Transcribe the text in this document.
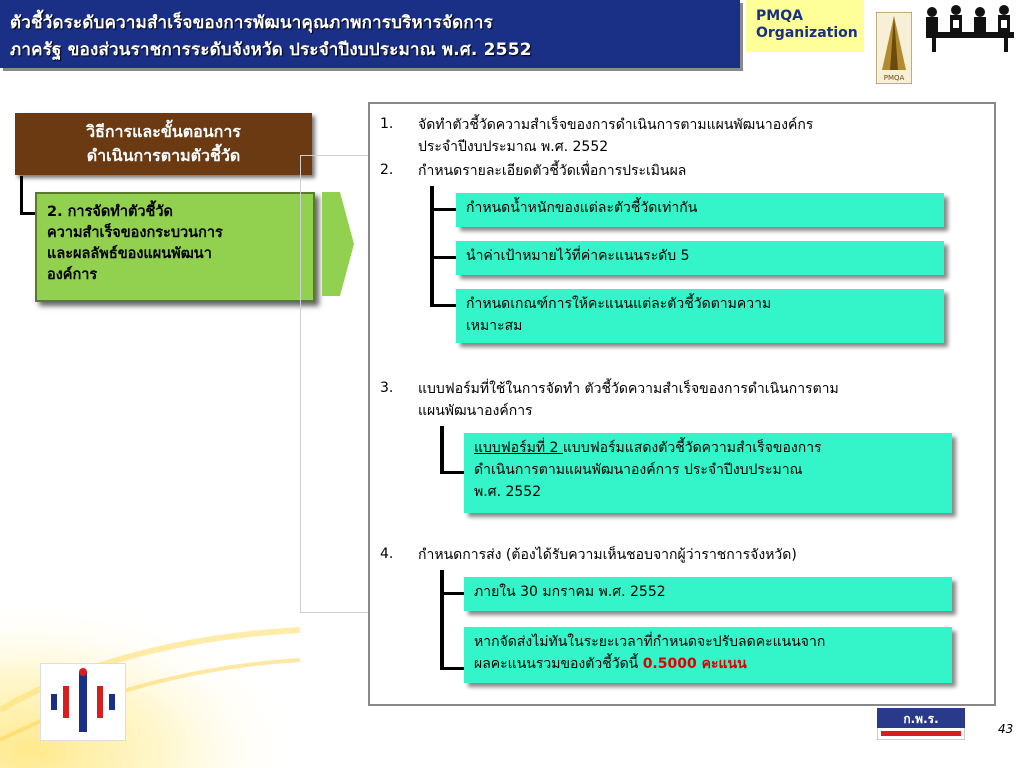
ตัวชี้วัดระดับความสำเร็จของการพัฒนาคุณภาพการบริหารจัดการ
ภาครัฐ ของส่วนราชการระดับจังหวัด ประจำปีงบประมาณ พ.ศ. 2552
PMQA
Organization
PMQA
วิธีการและขั้นตอนการ
ดำเนินการตามตัวชี้วัด
2. การจัดทำตัวชี้วัด
ความสำเร็จของกระบวนการ
และผลลัพธ์ของแผนพัฒนา
องค์การ
1. จัดทำตัวชี้วัดความสำเร็จของการดำเนินการตามแผนพัฒนาองค์กร
ประจำปีงบประมาณ พ.ศ. 2552
2. กำหนดรายละเอียดตัวชี้วัดเพื่อการประเมินผล
กำหนดน้ำหนักของแต่ละตัวชี้วัดเท่ากัน
นำค่าเป้าหมายไว้ที่ค่าคะแนนระดับ 5
กำหนดเกณฑ์การให้คะแนนแต่ละตัวชี้วัดตามความ
เหมาะสม
3. แบบฟอร์มที่ใช้ในการจัดทำ ตัวชี้วัดความสำเร็จของการดำเนินการตาม
แผนพัฒนาองค์การ
แบบฟอร์มที่ 2 แบบฟอร์มแสดงตัวชี้วัดความสำเร็จของการ
ดำเนินการตามแผนพัฒนาองค์การ ประจำปีงบประมาณ
พ.ศ. 2552
4. กำหนดการส่ง (ต้องได้รับความเห็นชอบจากผู้ว่าราชการจังหวัด)
ภายใน 30 มกราคม พ.ศ. 2552
หากจัดส่งไม่ทันในระยะเวลาที่กำหนดจะปรับลดคะแนนจาก
ผลคะแนนรวมของตัวชี้วัดนี้ 0.5000 คะแนน
ก.พ.ร.
43
